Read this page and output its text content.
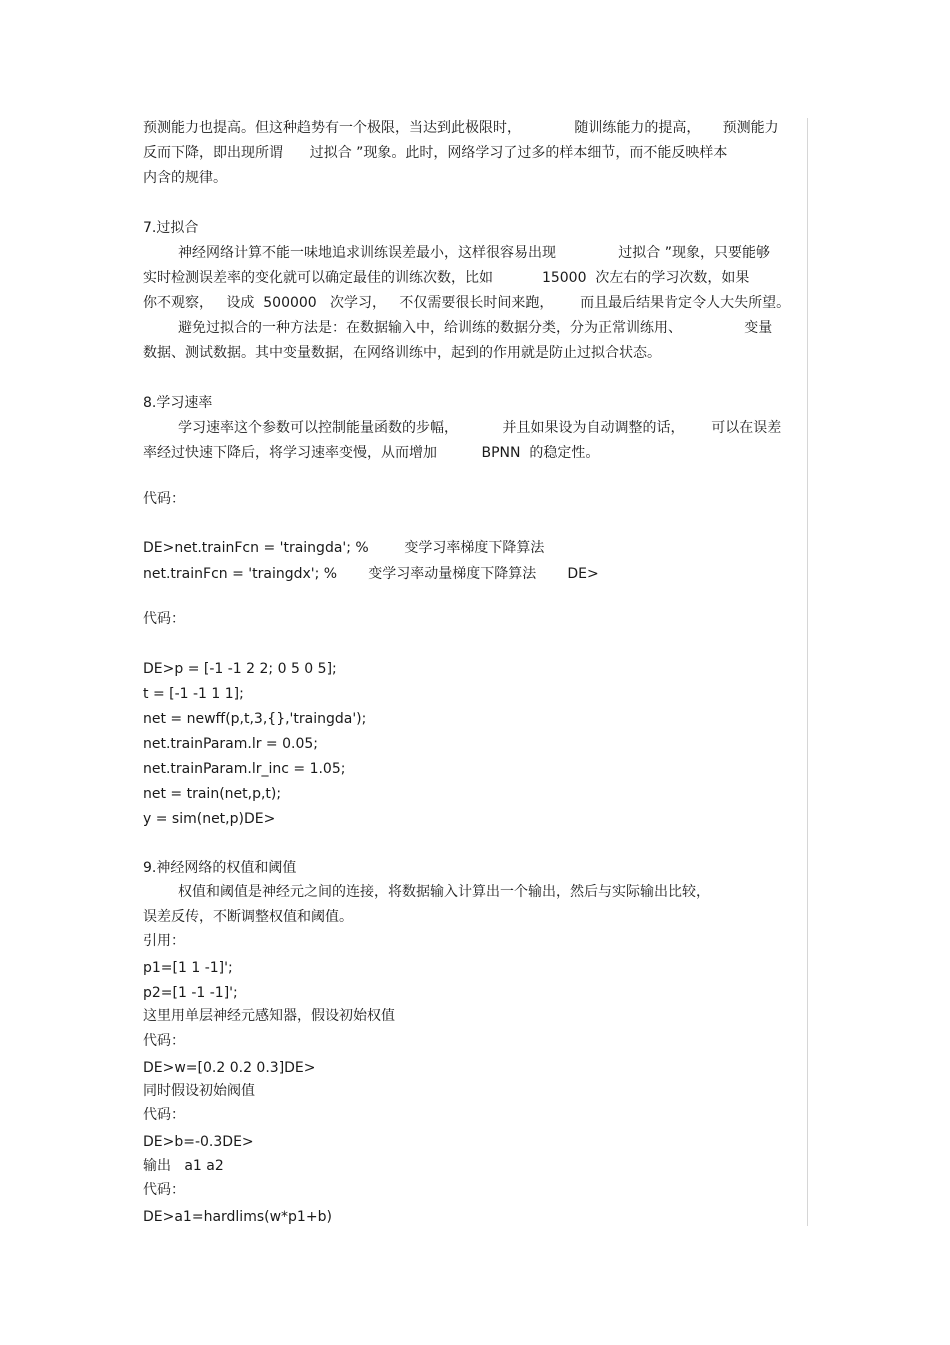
预测能力也提高。但这种趋势有一个极限，当达到此极限时，            随训练能力的提高，     预测能力
反而下降，即出现所谓      过拟合 ”现象。此时，网络学习了过多的样本细节，而不能反映样本
内含的规律。
7.过拟合
神经网络计算不能一味地追求训练误差最小，这样很容易出现              过拟合 ”现象，只要能够
实时检测误差率的变化就可以确定最佳的训练次数，比如           15000  次左右的学习次数，如果
你不观察，   设成  500000   次学习，   不仅需要很长时间来跑，      而且最后结果肯定令人大失所望。
避免过拟合的一种方法是：在数据输入中，给训练的数据分类，分为正常训练用、              变量
数据、测试数据。其中变量数据，在网络训练中，起到的作用就是防止过拟合状态。
8.学习速率
学习速率这个参数可以控制能量函数的步幅，          并且如果设为自动调整的话，      可以在误差
率经过快速下降后，将学习速率变慢，从而增加          BPNN  的稳定性。
代码：
DE>net.trainFcn = 'traingda'; %        变学习率梯度下降算法
net.trainFcn = 'traingdx'; %       变学习率动量梯度下降算法       DE>
代码：
DE>p = [-1 -1 2 2; 0 5 0 5];
t = [-1 -1 1 1];
net = newff(p,t,3,{},'traingda');
net.trainParam.lr = 0.05;
net.trainParam.lr_inc = 1.05;
net = train(net,p,t);
y = sim(net,p)DE>
9.神经网络的权值和阈值
权值和阈值是神经元之间的连接，将数据输入计算出一个输出，然后与实际输出比较，
误差反传，不断调整权值和阈值。
引用：
p1=[1 1 -1]';
p2=[1 -1 -1]';
这里用单层神经元感知器，假设初始权值
代码：
DE>w=[0.2 0.2 0.3]DE>
同时假设初始阀值
代码：
DE>b=-0.3DE>
输出   a1 a2
代码：
DE>a1=hardlims(w*p1+b)
